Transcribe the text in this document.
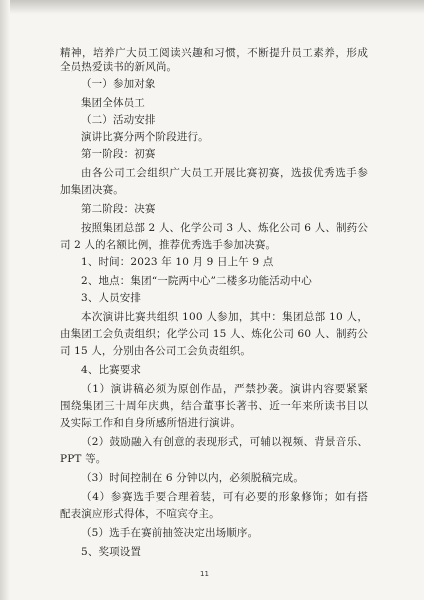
精神，培养广大员工阅读兴趣和习惯，不断提升员工素养，形成
全员热爱读书的新风尚。
（一）参加对象
集团全体员工
（二）活动安排
演讲比赛分两个阶段进行。
第一阶段：初赛
由各公司工会组织广大员工开展比赛初赛，选拔优秀选手参
加集团决赛。
第二阶段：决赛
按照集团总部 2 人、化学公司 3 人、炼化公司 6 人、制药公
司 2 人的名额比例，推荐优秀选手参加决赛。
1、时间：2023 年 10 月 9 日上午 9 点
2、地点：集团“一院两中心”二楼多功能活动中心
3、人员安排
本次演讲比赛共组织 100 人参加，其中：集团总部 10 人，
由集团工会负责组织；化学公司 15 人、炼化公司 60 人、制药公
司 15 人，分别由各公司工会负责组织。
4、比赛要求
（1）演讲稿必须为原创作品，严禁抄袭。演讲内容要紧紧
围绕集团三十周年庆典，结合董事长著书、近一年来所读书目以
及实际工作和自身所感所悟进行演讲。
（2）鼓励融入有创意的表现形式，可辅以视频、背景音乐、
PPT 等。
（3）时间控制在 6 分钟以内，必须脱稿完成。
（4）参赛选手要合理着装，可有必要的形象修饰；如有搭
配表演应形式得体，不喧宾夺主。
（5）选手在赛前抽签决定出场顺序。
5、奖项设置
11
